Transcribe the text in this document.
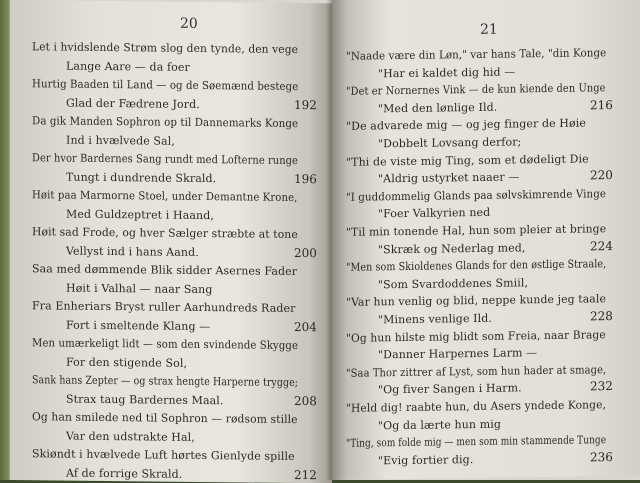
20
Let i hvidslende Strøm slog den tynde, den vege
Lange Aare — da foer
Hurtig Baaden til Land — og de Søemænd bestege
Glad der Fædrene Jord.
Da gik Manden Sophron op til Dannemarks Konge
Ind i hvælvede Sal,
Der hvor Bardernes Sang rundt med Lofterne runge
Tungt i dundrende Skrald.
Høit paa Marmorne Stoel, under Demantne Krone,
Med Guldzeptret i Haand,
Høit sad Frode, og hver Sælger stræbte at tone
Vellyst ind i hans Aand.
Saa med dømmende Blik sidder Asernes Fader
Høit i Valhal — naar Sang
Fra Enheriars Bryst ruller Aarhundreds Rader
Fort i smeltende Klang —
Men umærkeligt lidt — som den svindende Skygge
For den stigende Sol,
Sank hans Zepter — og strax hengte Harperne trygge;
Strax taug Bardernes Maal.
Og han smilede ned til Sophron — rødsom stille
Var den udstrakte Hal,
Skiøndt i hvælvede Luft hørtes Gienlyde spille
Af de forrige Skrald.
192
196
200
204
208
212
21
"Naade være din Løn," var hans Tale, "din Konge
"Har ei kaldet dig hid —
"Det er Nornernes Vink — de kun kiende den Unge
"Med den lønlige Ild.
"De advarede mig — og jeg finger de Høie
"Dobbelt Lovsang derfor;
"Thi de viste mig Ting, som et dødeligt Die
"Aldrig ustyrket naaer —
"I guddommelig Glands paa sølvskimrende Vinge
"Foer Valkyrien ned
"Til min tonende Hal, hun som pleier at bringe
"Skræk og Nederlag med,
"Men som Skioldenes Glands for den østlige Straale,
"Som Svardoddenes Smiil,
"Var hun venlig og blid, neppe kunde jeg taale
"Minens venlige Ild.
"Og hun hilste mig blidt som Freia, naar Brage
"Danner Harpernes Larm —
"Saa Thor zittrer af Lyst, som hun hader at smage,
"Og fiver Sangen i Harm.
"Held dig! raabte hun, du Asers yndede Konge,
"Og da lærte hun mig
"Ting, som folde mig — men som min stammende Tunge
"Evig fortier dig.
216
220
224
228
232
236
